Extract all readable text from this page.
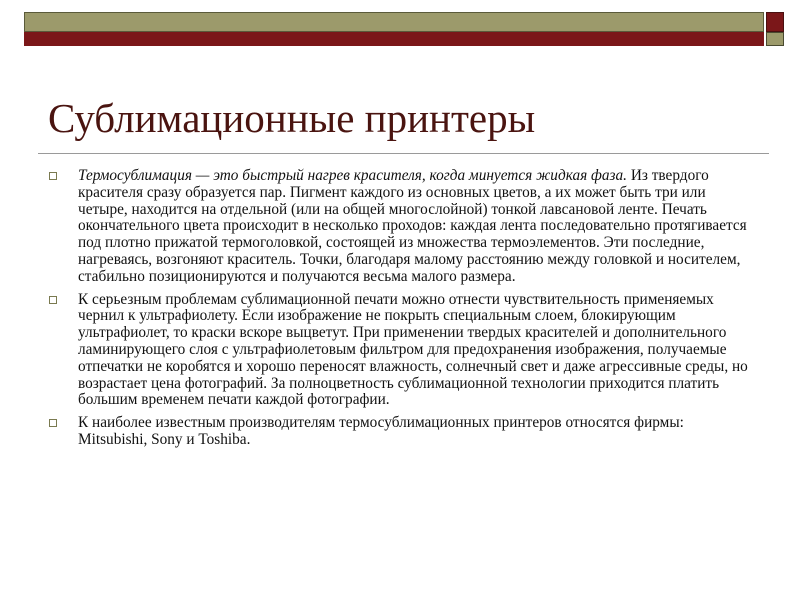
Сублимационные принтеры
Термосублимация — это быстрый нагрев красителя, когда минуется жидкая фаза. Из твердого красителя сразу образуется пар. Пигмент каждого из основных цветов, а их может быть три или четыре, находится на отдельной (или на общей многослойной) тонкой лавсановой ленте. Печать окончательного цвета происходит в несколько проходов: каждая лента последовательно протягивается под плотно прижатой термоголовкой, состоящей из множества термоэлементов. Эти последние, нагреваясь, возгоняют краситель. Точки, благодаря малому расстоянию между головкой и носителем, стабильно позиционируются и получаются весьма малого размера.
К серьезным проблемам сублимационной печати можно отнести чувствительность применяемых чернил к ультрафиолету. Если изображение не покрыть специальным слоем, блокирующим ультрафиолет, то краски вскоре выцветут. При применении твердых красителей и дополнительного ламинирующего слоя с ультрафиолетовым фильтром для предохранения изображения, получаемые отпечатки не коробятся и хорошо переносят влажность, солнечный свет и даже агрессивные среды, но возрастает цена фотографий. За полноцветность сублимационной технологии приходится платить большим временем печати каждой фотографии.
К наиболее известным производителям термосублимационных принтеров относятся фирмы: Mitsubishi, Sony и Toshiba.
